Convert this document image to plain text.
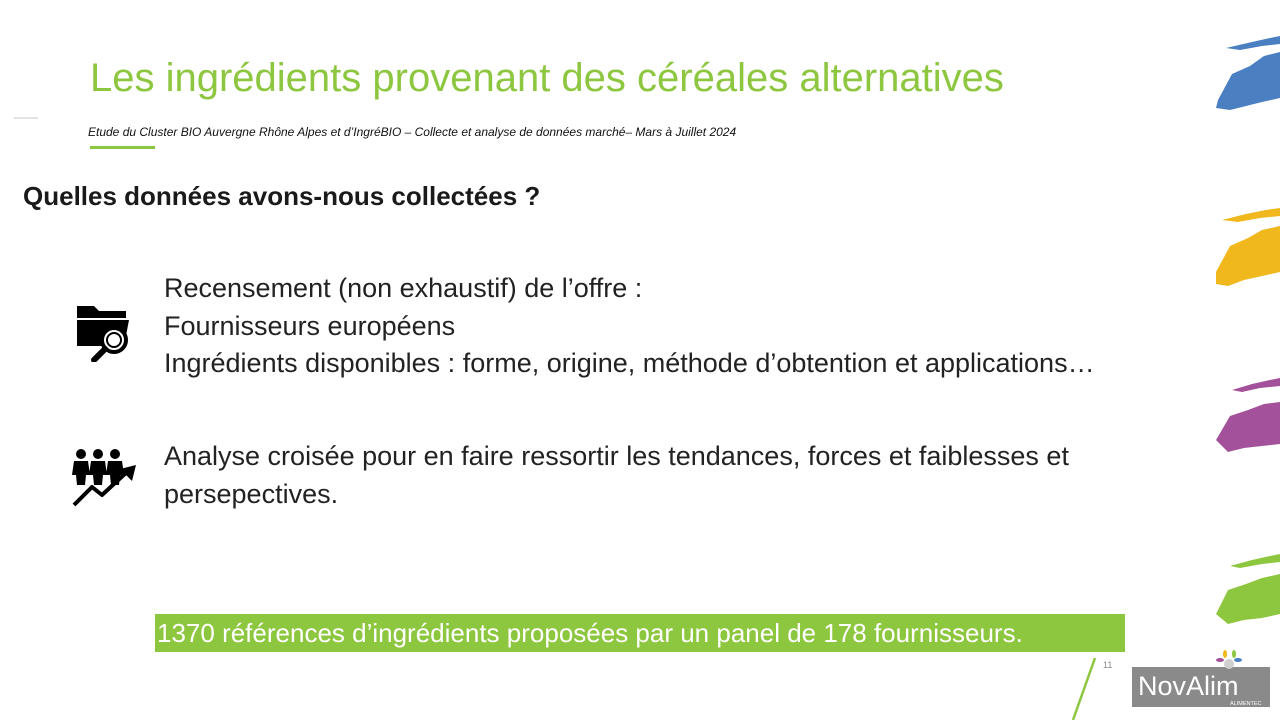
Les ingrédients provenant des céréales alternatives
Etude du Cluster BIO Auvergne Rhône Alpes et d’IngréBIO – Collecte et analyse de données marché– Mars à Juillet 2024
Quelles données avons-nous collectées ?
Recensement (non exhaustif) de l’offre :
Fournisseurs européens
Ingrédients disponibles : forme, origine, méthode d’obtention et applications…
Analyse croisée pour en faire ressortir les tendances, forces et faiblesses et persepectives.
1370 références d’ingrédients proposées par un panel de 178 fournisseurs.
11
NovAlim
ALIMENTEC
